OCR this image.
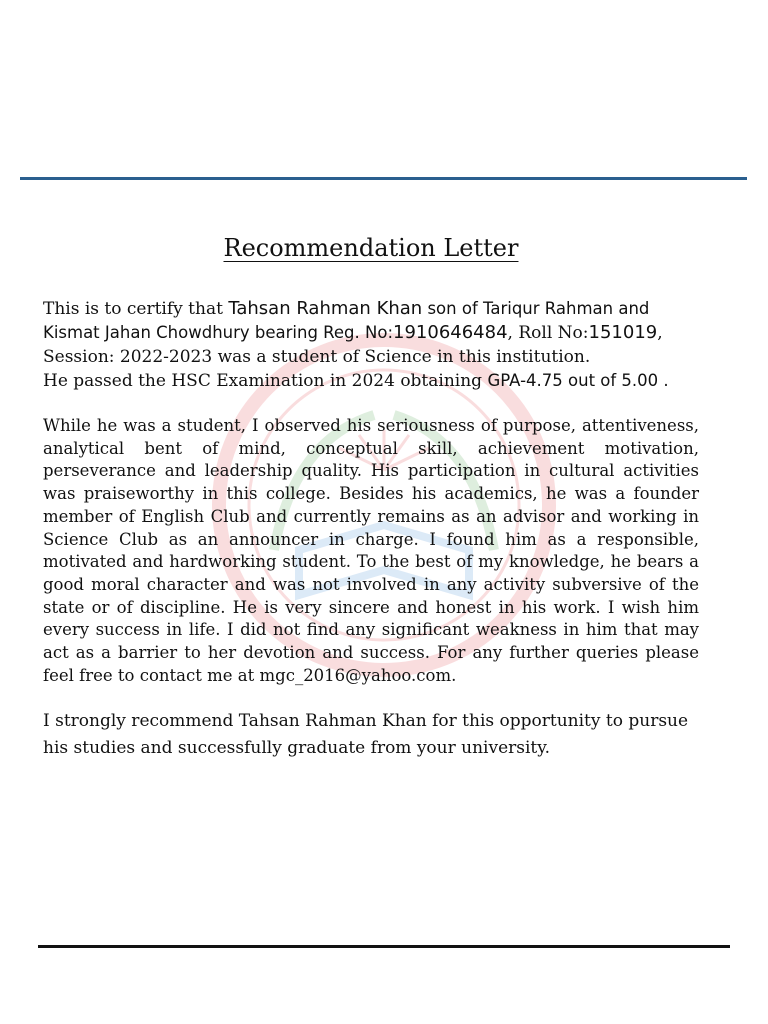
Recommendation Letter

This is to certify that Tahsan Rahman Khan son of Tariqur Rahman and Kismat Jahan Chowdhury bearing Reg. No:1910646484, Roll No:151019,
Session: 2022-2023 was a student of Science in this institution.
He passed the HSC Examination in 2024 obtaining GPA-4.75 out of 5.00 .

While he was a student, I observed his seriousness of purpose, attentiveness, analytical bent of mind, conceptual skill, achievement motivation, perseverance and leadership quality. His participation in cultural activities was praiseworthy in this college. Besides his academics, he was a founder member of English Club and currently remains as an advisor and working in Science Club as an announcer in charge. I found him as a responsible, motivated and hardworking student. To the best of my knowledge, he bears a good moral character and was not involved in any activity subversive of the state or of discipline. He is very sincere and honest in his work. I wish him every success in life. I did not find any significant weakness in him that may act as a barrier to her devotion and success. For any further queries please feel free to contact me at mgc_2016@yahoo.com.

I strongly recommend Tahsan Rahman Khan for this opportunity to pursue his studies and successfully graduate from your university.
